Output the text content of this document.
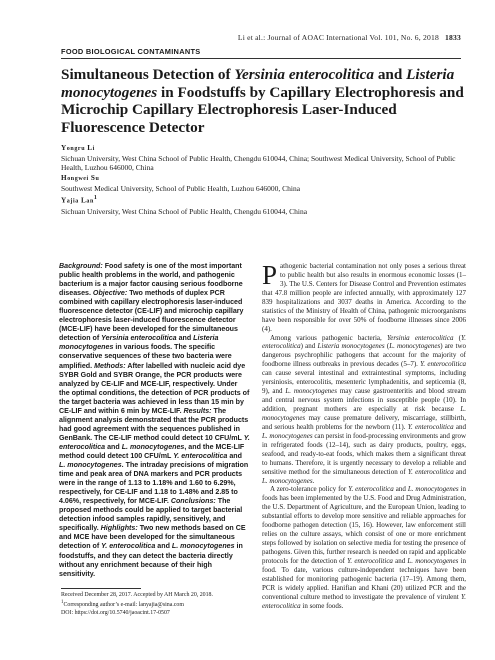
Li et al.: Journal of AOAC International Vol. 101, No. 6, 2018 1833
FOOD BIOLOGICAL CONTAMINANTS
Simultaneous Detection of Yersinia enterocolitica and Listeria monocytogenes in Foodstuffs by Capillary Electrophoresis and Microchip Capillary Electrophoresis Laser-Induced Fluorescence Detector
Yongru Li
Sichuan University, West China School of Public Health, Chengdu 610044, China; Southwest Medical University, School of Public Health, Luzhou 646000, China
Hongwei Su
Southwest Medical University, School of Public Health, Luzhou 646000, China
Yajia Lan$^1$
Sichuan University, West China School of Public Health, Chengdu 610044, China

Background: Food safety is one of the most important public health problems in the world, and pathogenic bacterium is a major factor causing serious foodborne diseases. Objective: Two methods of duplex PCR combined with capillary electrophoresis laser-induced fluorescence detector (CE-LIF) and microchip capillary electrophoresis laser-induced fluorescence detector (MCE-LIF) have been developed for the simultaneous detection of Yersinia enterocolitica and Listeria monocytogenes in various foods. The specific conservative sequences of these two bacteria were amplified. Methods: After labelled with nucleic acid dye SYBR Gold and SYBR Orange, the PCR products were analyzed by CE-LIF and MCE-LIF, respectively. Under the optimal conditions, the detection of PCR products of the target bacteria was achieved in less than 15 min by CE-LIF and within 6 min by MCE-LIF. Results: The alignment analysis demonstrated that the PCR products had good agreement with the sequences published in GenBank. The CE-LIF method could detect 10 CFU/mL Y. enterocolitica and L. monocytogenes, and the MCE-LIF method could detect 100 CFU/mL Y. enterocolitica and L. monocytogenes. The intraday precisions of migration time and peak area of DNA markers and PCR products were in the range of 1.13 to 1.18% and 1.60 to 6.29%, respectively, for CE-LIF and 1.18 to 1.48% and 2.85 to 4.06%, respectively, for MCE-LIF. Conclusions: The proposed methods could be applied to target bacterial detection infood samples rapidly, sensitively, and specifically. Highlights: Two new methods based on CE and MCE have been developed for the simultaneous detection of Y. enterocolitica and L. monocytogenes in foodstuffs, and they can detect the bacteria directly without any enrichment because of their high sensitivity.

Received December 28, 2017. Accepted by AH March 20, 2018.
$^1$Corresponding author’s e-mail: lanyajia@sina.com
DOI: https://doi.org/10.5740/jaoacint.17-0507

Pathogenic bacterial contamination not only poses a serious threat to public health but also results in enormous economic losses (1–3). The U.S. Centers for Disease Control and Prevention estimates that 47.8 million people are infected annually, with approximately 127 839 hospitalizations and 3037 deaths in America. According to the statistics of the Ministry of Health of China, pathogenic microorganisms have been responsible for over 50% of foodborne illnesses since 2006 (4).

Among various pathogenic bacteria, Yersinia enterocolitica (Y. enterocolitica) and Listeria monocytogenes (L. monocytogenes) are two dangerous psychrophilic pathogens that account for the majority of foodborne illness outbreaks in previous decades (5–7). Y. enterocolitica can cause several intestinal and extraintestinal symptoms, including yersiniosis, enterocolitis, mesenteric lymphadenitis, and septicemia (8, 9), and L. monocytogenes may cause gastroenteritis and blood stream and central nervous system infections in susceptible people (10). In addition, pregnant mothers are especially at risk because L. monocytogenes may cause premature delivery, miscarriage, stillbirth, and serious health problems for the newborn (11). Y. enterocolitica and L. monocytogenes can persist in food-processing environments and grow in refrigerated foods (12–14), such as dairy products, poultry, eggs, seafood, and ready-to-eat foods, which makes them a significant threat to humans. Therefore, it is urgently necessary to develop a reliable and sensitive method for the simultaneous detection of Y. enterocolitica and L. monocytogenes.

A zero-tolerance policy for Y. enterocolitica and L. monocytogenes in foods has been implemented by the U.S. Food and Drug Administration, the U.S. Department of Agriculture, and the European Union, leading to substantial efforts to develop more sensitive and reliable approaches for foodborne pathogen detection (15, 16). However, law enforcement still relies on the culture assays, which consist of one or more enrichment steps followed by isolation on selective media for testing the presence of pathogens. Given this, further research is needed on rapid and applicable protocols for the detection of Y. enterocolitica and L. monocytogenes in food. To date, various culture-independent techniques have been established for monitoring pathogenic bacteria (17–19). Among them, PCR is widely applied. Hanifian and Khani (20) utilized PCR and the conventional culture method to investigate the prevalence of virulent Y. enterocolitica in some foods.
